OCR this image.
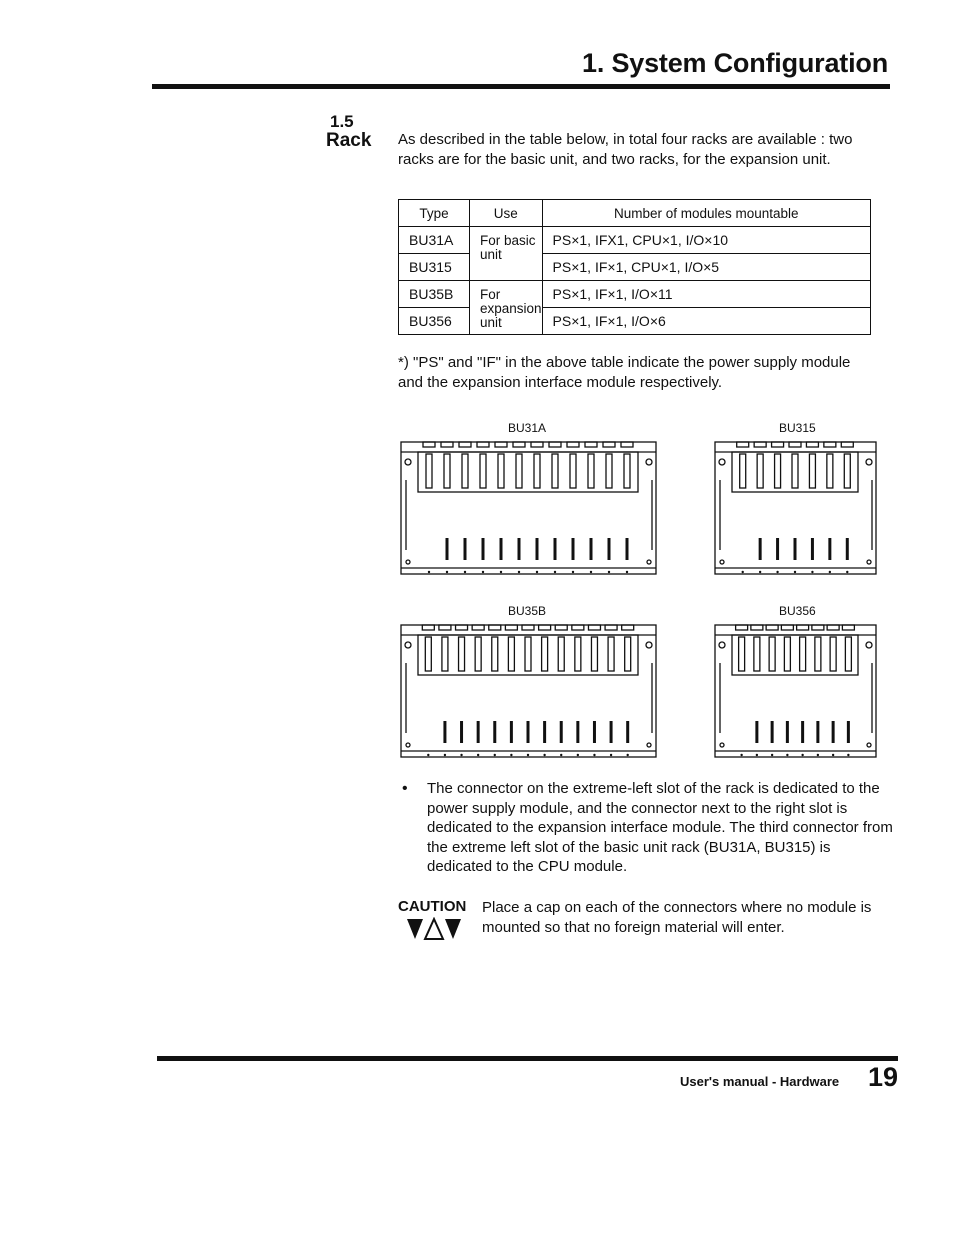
1. System Configuration
1.5
Rack As described in the table below, in total four racks are available : two racks are for the basic unit, and two racks, for the expansion unit.
Type	Use	Number of modules mountable
BU31A	For basic unit	PS×1, IFX1, CPU×1, I/O×10
BU315		PS×1, IF×1, CPU×1, I/O×5
BU35B	For expansion unit	PS×1, IF×1, I/O×11
BU356		PS×1, IF×1, I/O×6
*) "PS" and "IF" in the above table indicate the power supply module and the expansion interface module respectively.
BU31A	BU315
BU35B	BU356
• The connector on the extreme-left slot of the rack is dedicated to the power supply module, and the connector next to the right slot is dedicated to the expansion interface module. The third connector from the extreme left slot of the basic unit rack (BU31A, BU315) is dedicated to the CPU module.
CAUTION Place a cap on each of the connectors where no module is mounted so that no foreign material will enter.
User's manual - Hardware 19
